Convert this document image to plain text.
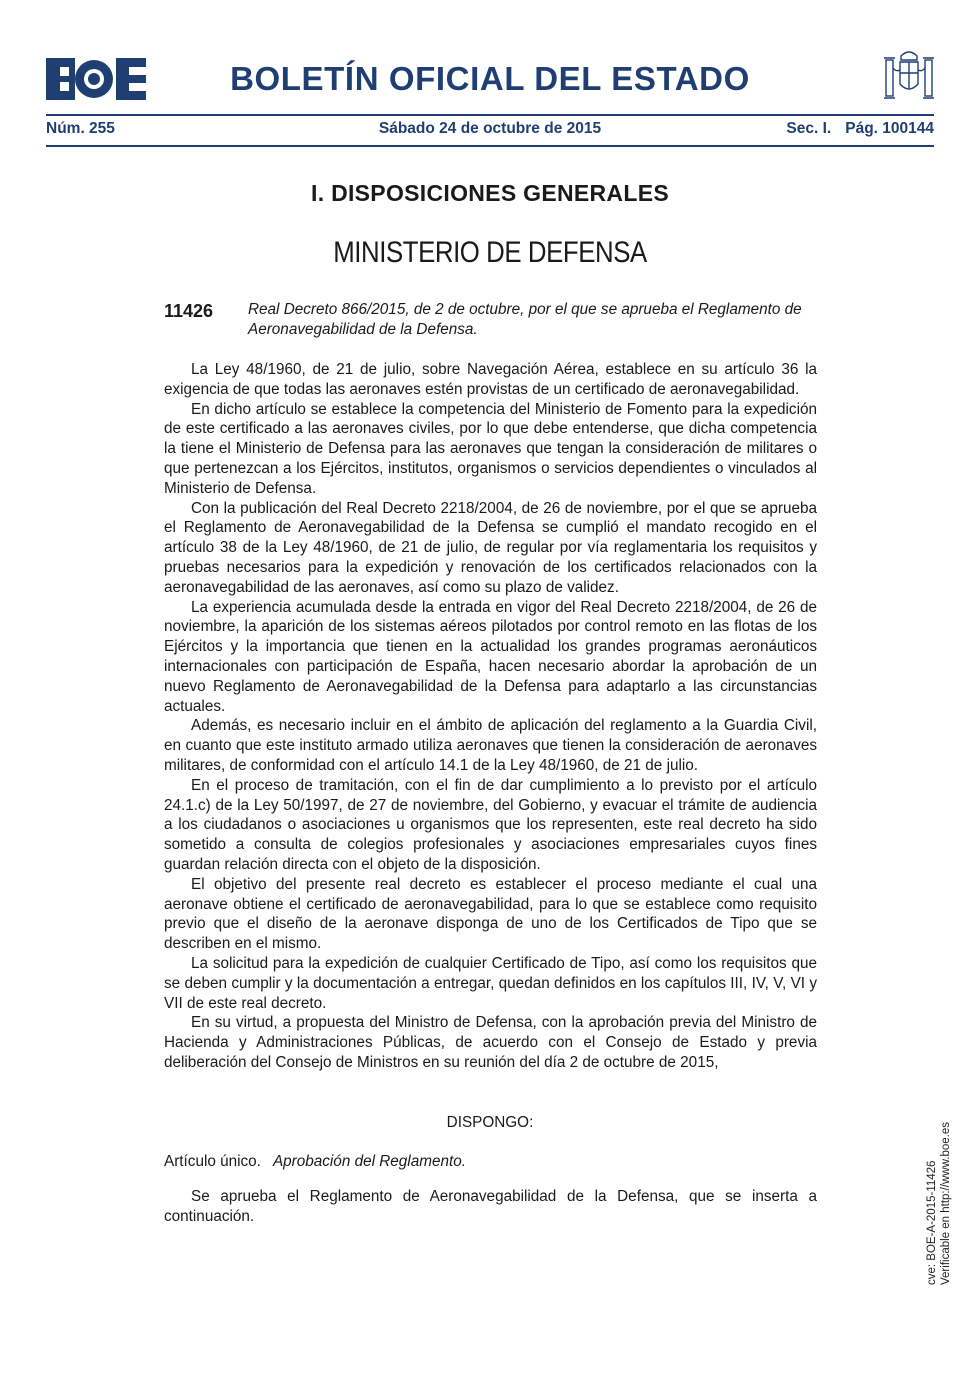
BOE
BOLETÍN OFICIAL DEL ESTADO
Núm. 255	Sábado 24 de octubre de 2015	Sec. I. Pág. 100144
I. DISPOSICIONES GENERALES
MINISTERIO DE DEFENSA
11426 Real Decreto 866/2015, de 2 de octubre, por el que se aprueba el Reglamento de Aeronavegabilidad de la Defensa.

La Ley 48/1960, de 21 de julio, sobre Navegación Aérea, establece en su artículo 36 la exigencia de que todas las aeronaves estén provistas de un certificado de aeronavegabilidad.

En dicho artículo se establece la competencia del Ministerio de Fomento para la expedición de este certificado a las aeronaves civiles, por lo que debe entenderse, que dicha competencia la tiene el Ministerio de Defensa para las aeronaves que tengan la consideración de militares o que pertenezcan a los Ejércitos, institutos, organismos o servicios dependientes o vinculados al Ministerio de Defensa.

Con la publicación del Real Decreto 2218/2004, de 26 de noviembre, por el que se aprueba el Reglamento de Aeronavegabilidad de la Defensa se cumplió el mandato recogido en el artículo 38 de la Ley 48/1960, de 21 de julio, de regular por vía reglamentaria los requisitos y pruebas necesarios para la expedición y renovación de los certificados relacionados con la aeronavegabilidad de las aeronaves, así como su plazo de validez.

La experiencia acumulada desde la entrada en vigor del Real Decreto 2218/2004, de 26 de noviembre, la aparición de los sistemas aéreos pilotados por control remoto en las flotas de los Ejércitos y la importancia que tienen en la actualidad los grandes programas aeronáuticos internacionales con participación de España, hacen necesario abordar la aprobación de un nuevo Reglamento de Aeronavegabilidad de la Defensa para adaptarlo a las circunstancias actuales.

Además, es necesario incluir en el ámbito de aplicación del reglamento a la Guardia Civil, en cuanto que este instituto armado utiliza aeronaves que tienen la consideración de aeronaves militares, de conformidad con el artículo 14.1 de la Ley 48/1960, de 21 de julio.

En el proceso de tramitación, con el fin de dar cumplimiento a lo previsto por el artículo 24.1.c) de la Ley 50/1997, de 27 de noviembre, del Gobierno, y evacuar el trámite de audiencia a los ciudadanos o asociaciones u organismos que los representen, este real decreto ha sido sometido a consulta de colegios profesionales y asociaciones empresariales cuyos fines guardan relación directa con el objeto de la disposición.

El objetivo del presente real decreto es establecer el proceso mediante el cual una aeronave obtiene el certificado de aeronavegabilidad, para lo que se establece como requisito previo que el diseño de la aeronave disponga de uno de los Certificados de Tipo que se describen en el mismo.

La solicitud para la expedición de cualquier Certificado de Tipo, así como los requisitos que se deben cumplir y la documentación a entregar, quedan definidos en los capítulos III, IV, V, VI y VII de este real decreto.

En su virtud, a propuesta del Ministro de Defensa, con la aprobación previa del Ministro de Hacienda y Administraciones Públicas, de acuerdo con el Consejo de Estado y previa deliberación del Consejo de Ministros en su reunión del día 2 de octubre de 2015,

DISPONGO:
Artículo único. Aprobación del Reglamento.

Se aprueba el Reglamento de Aeronavegabilidad de la Defensa, que se inserta a continuación.	cve: BOE-A-2015-11426 Verificable en http://www.boe.es
